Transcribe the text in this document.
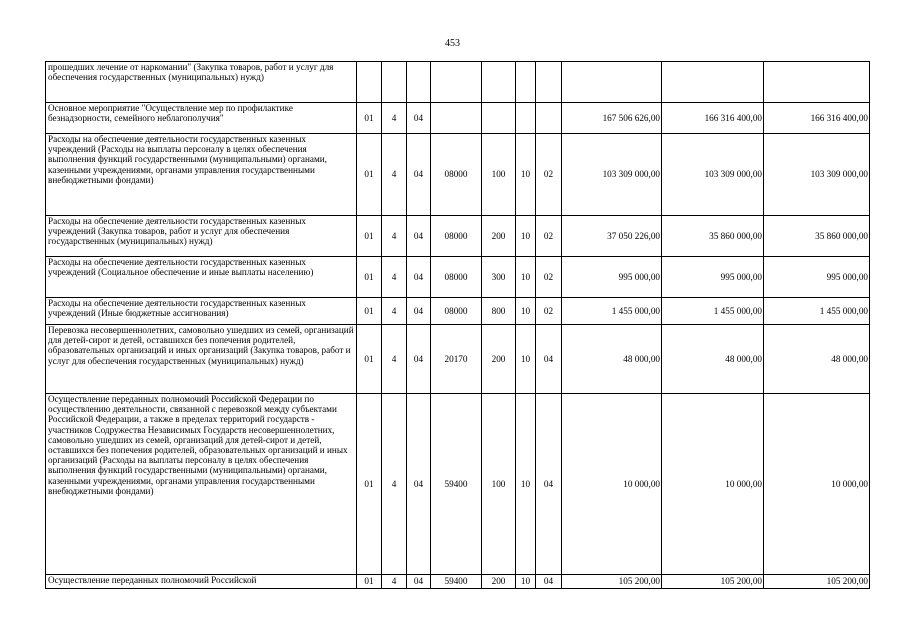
453
прошедших лечение от наркомании" (Закупка товаров, работ и услуг для обеспечения государственных (муниципальных) нужд)										
Основное мероприятие "Осуществление мер по профилактике безнадзорности, семейного неблагополучия"	01	4	04					167 506 626,00	166 316 400,00	166 316 400,00
Расходы на обеспечение деятельности государственных казенных учреждений (Расходы на выплаты персоналу в целях обеспечения выполнения функций государственными (муниципальными) органами, казенными учреждениями, органами управления государственными внебюджетными фондами)	01	4	04	08000	100	10	02	103 309 000,00	103 309 000,00	103 309 000,00
Расходы на обеспечение деятельности государственных казенных учреждений (Закупка товаров, работ и услуг для обеспечения государственных (муниципальных) нужд)	01	4	04	08000	200	10	02	37 050 226,00	35 860 000,00	35 860 000,00
Расходы на обеспечение деятельности государственных казенных учреждений (Социальное обеспечение и иные выплаты населению)	01	4	04	08000	300	10	02	995 000,00	995 000,00	995 000,00
Расходы на обеспечение деятельности государственных казенных учреждений (Иные бюджетные ассигнования)	01	4	04	08000	800	10	02	1 455 000,00	1 455 000,00	1 455 000,00
Перевозка несовершеннолетних, самовольно ушедших из семей, организаций для детей-сирот и детей, оставшихся без попечения родителей, образовательных организаций и иных организаций (Закупка товаров, работ и услуг для обеспечения государственных (муниципальных) нужд)	01	4	04	20170	200	10	04	48 000,00	48 000,00	48 000,00
Осуществление переданных полномочий Российской Федерации по осуществлению деятельности, связанной с перевозкой между субъектами Российской Федерации, а также в пределах территорий государств - участников Содружества Независимых Государств несовершеннолетних, самовольно ушедших из семей, организаций для детей-сирот и детей, оставшихся без попечения родителей, образовательных организаций и иных организаций (Расходы на выплаты персоналу в целях обеспечения выполнения функций государственными (муниципальными) органами, казенными учреждениями, органами управления государственными внебюджетными фондами)	01	4	04	59400	100	10	04	10 000,00	10 000,00	10 000,00
Осуществление переданных полномочий Российской	01	4	04	59400	200	10	04	105 200,00	105 200,00	105 200,00
